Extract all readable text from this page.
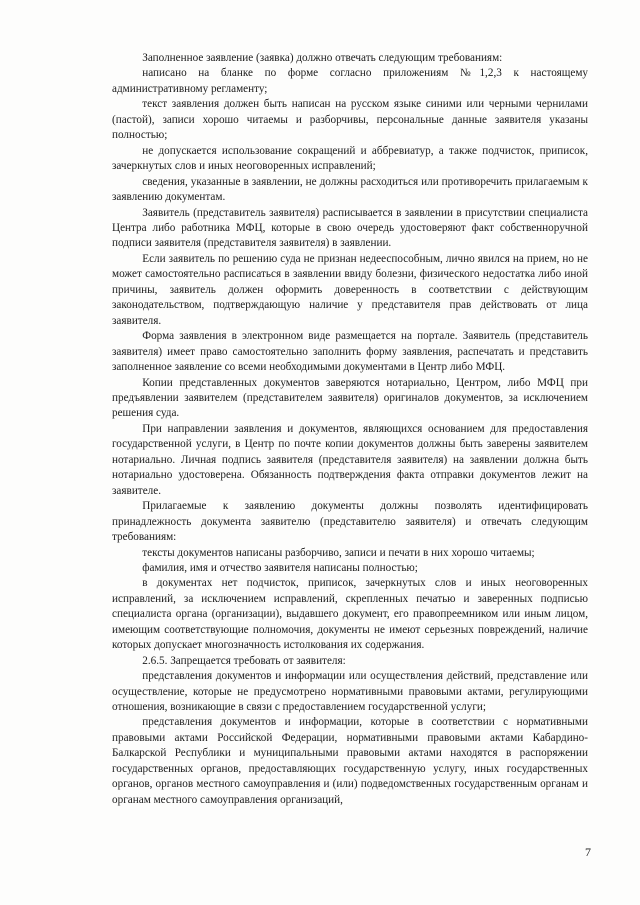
Заполненное заявление (заявка) должно отвечать следующим требованиям:

написано на бланке по форме согласно приложениям №1,2,3 к настоящему административному регламенту;

текст заявления должен быть написан на русском языке синими или черными чернилами (пастой), записи хорошо читаемы и разборчивы, персональные данные заявителя указаны полностью;

не допускается использование сокращений и аббревиатур, а также подчисток, приписок, зачеркнутых слов и иных неоговоренных исправлений;

сведения, указанные в заявлении, не должны расходиться или противоречить прилагаемым к заявлению документам.

Заявитель (представитель заявителя) расписывается в заявлении в присутствии специалиста Центра либо работника МФЦ, которые в свою очередь удостоверяют факт собственноручной подписи заявителя (представителя заявителя) в заявлении.

Если заявитель по решению суда не признан недееспособным, лично явился на прием, но не может самостоятельно расписаться в заявлении ввиду болезни, физического недостатка либо иной причины, заявитель должен оформить доверенность в соответствии с действующим законодательством, подтверждающую наличие у представителя прав действовать от лица заявителя.

Форма заявления в электронном виде размещается на портале. Заявитель (представитель заявителя) имеет право самостоятельно заполнить форму заявления, распечатать и представить заполненное заявление со всеми необходимыми документами в Центр либо МФЦ.

Копии представленных документов заверяются нотариально, Центром, либо МФЦ при предъявлении заявителем (представителем заявителя) оригиналов документов, за исключением решения суда.

При направлении заявления и документов, являющихся основанием для предоставления государственной услуги, в Центр по почте копии документов должны быть заверены заявителем нотариально. Личная подпись заявителя (представителя заявителя) на заявлении должна быть нотариально удостоверена. Обязанность подтверждения факта отправки документов лежит на заявителе.

Прилагаемые к заявлению документы должны позволять идентифицировать принадлежность документа заявителю (представителю заявителя) и отвечать следующим требованиям:

тексты документов написаны разборчиво, записи и печати в них хорошо читаемы;

фамилия, имя и отчество заявителя написаны полностью;

в документах нет подчисток, приписок, зачеркнутых слов и иных неоговоренных исправлений, за исключением исправлений, скрепленных печатью и заверенных подписью специалиста органа (организации), выдавшего документ, его правопреемником или иным лицом, имеющим соответствующие полномочия, документы не имеют серьезных повреждений, наличие которых допускает многозначность истолкования их содержания.

2.6.5. Запрещается требовать от заявителя:

представления документов и информации или осуществления действий, представление или осуществление, которые не предусмотрено нормативными правовыми актами, регулирующими отношения, возникающие в связи с предоставлением государственной услуги;

представления документов и информации, которые в соответствии с нормативными правовыми актами Российской Федерации, нормативными правовыми актами Кабардино-Балкарской Республики и муниципальными правовыми актами находятся в распоряжении государственных органов, предоставляющих государственную услугу, иных государственных органов, органов местного самоуправления и (или) подведомственных государственным органам и органам местного самоуправления организаций,

7
